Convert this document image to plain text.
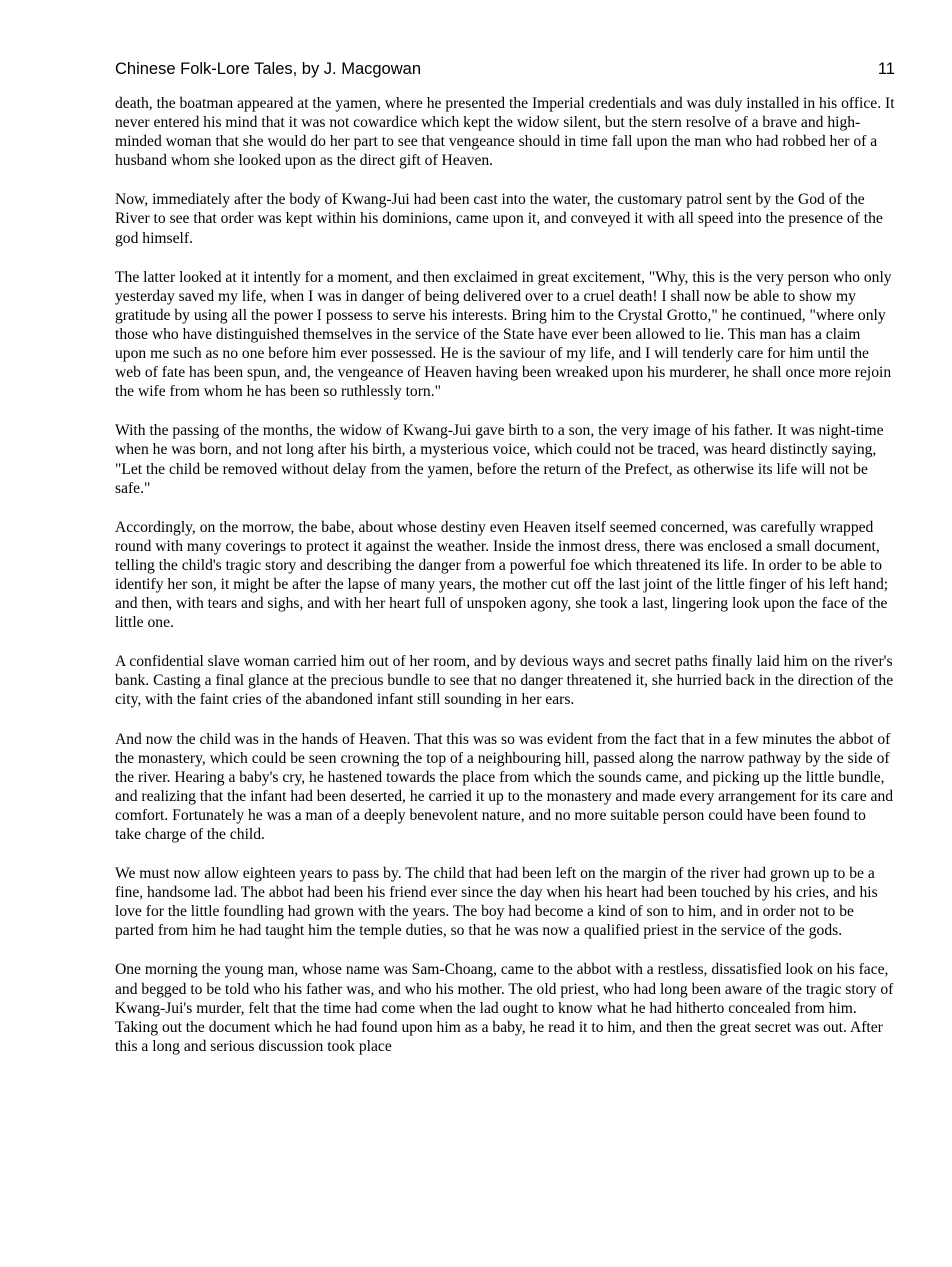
Chinese Folk-Lore Tales, by J. Macgowan	11

death, the boatman appeared at the yamen, where he presented the Imperial credentials and was duly installed in his office. It never entered his mind that it was not cowardice which kept the widow silent, but the stern resolve of a brave and high-minded woman that she would do her part to see that vengeance should in time fall upon the man who had robbed her of a husband whom she looked upon as the direct gift of Heaven.

Now, immediately after the body of Kwang-Jui had been cast into the water, the customary patrol sent by the God of the River to see that order was kept within his dominions, came upon it, and conveyed it with all speed into the presence of the god himself.

The latter looked at it intently for a moment, and then exclaimed in great excitement, "Why, this is the very person who only yesterday saved my life, when I was in danger of being delivered over to a cruel death! I shall now be able to show my gratitude by using all the power I possess to serve his interests. Bring him to the Crystal Grotto," he continued, "where only those who have distinguished themselves in the service of the State have ever been allowed to lie. This man has a claim upon me such as no one before him ever possessed. He is the saviour of my life, and I will tenderly care for him until the web of fate has been spun, and, the vengeance of Heaven having been wreaked upon his murderer, he shall once more rejoin the wife from whom he has been so ruthlessly torn."

With the passing of the months, the widow of Kwang-Jui gave birth to a son, the very image of his father. It was night-time when he was born, and not long after his birth, a mysterious voice, which could not be traced, was heard distinctly saying, "Let the child be removed without delay from the yamen, before the return of the Prefect, as otherwise its life will not be safe."

Accordingly, on the morrow, the babe, about whose destiny even Heaven itself seemed concerned, was carefully wrapped round with many coverings to protect it against the weather. Inside the inmost dress, there was enclosed a small document, telling the child's tragic story and describing the danger from a powerful foe which threatened its life. In order to be able to identify her son, it might be after the lapse of many years, the mother cut off the last joint of the little finger of his left hand; and then, with tears and sighs, and with her heart full of unspoken agony, she took a last, lingering look upon the face of the little one.

A confidential slave woman carried him out of her room, and by devious ways and secret paths finally laid him on the river's bank. Casting a final glance at the precious bundle to see that no danger threatened it, she hurried back in the direction of the city, with the faint cries of the abandoned infant still sounding in her ears.

And now the child was in the hands of Heaven. That this was so was evident from the fact that in a few minutes the abbot of the monastery, which could be seen crowning the top of a neighbouring hill, passed along the narrow pathway by the side of the river. Hearing a baby's cry, he hastened towards the place from which the sounds came, and picking up the little bundle, and realizing that the infant had been deserted, he carried it up to the monastery and made every arrangement for its care and comfort. Fortunately he was a man of a deeply benevolent nature, and no more suitable person could have been found to take charge of the child.

We must now allow eighteen years to pass by. The child that had been left on the margin of the river had grown up to be a fine, handsome lad. The abbot had been his friend ever since the day when his heart had been touched by his cries, and his love for the little foundling had grown with the years. The boy had become a kind of son to him, and in order not to be parted from him he had taught him the temple duties, so that he was now a qualified priest in the service of the gods.

One morning the young man, whose name was Sam-Choang, came to the abbot with a restless, dissatisfied look on his face, and begged to be told who his father was, and who his mother. The old priest, who had long been aware of the tragic story of Kwang-Jui's murder, felt that the time had come when the lad ought to know what he had hitherto concealed from him. Taking out the document which he had found upon him as a baby, he read it to him, and then the great secret was out. After this a long and serious discussion took place
